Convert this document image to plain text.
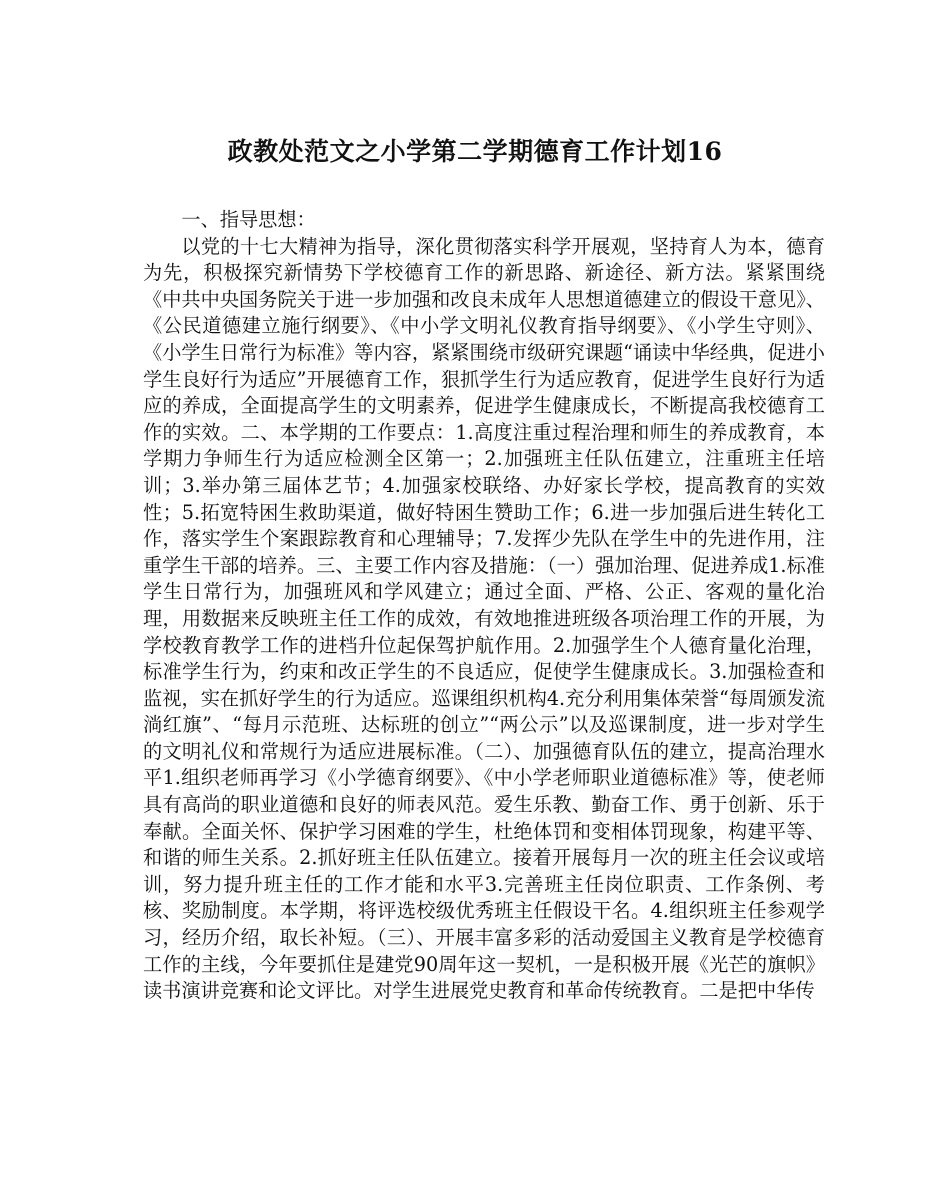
政教处范文之小学第二学期德育工作计划16

一、指导思想：

以党的十七大精神为指导，深化贯彻落实科学开展观，坚持育人为本，德育为先，积极探究新情势下学校德育工作的新思路、新途径、新方法。紧紧围绕《中共中央国务院关于进一步加强和改良未成年人思想道德建立的假设干意见》、《公民道德建立施行纲要》、《中小学文明礼仪教育指导纲要》、《小学生守则》、《小学生日常行为标准》等内容，紧紧围绕市级研究课题“诵读中华经典，促进小学生良好行为适应”开展德育工作，狠抓学生行为适应教育，促进学生良好行为适应的养成，全面提高学生的文明素养，促进学生健康成长，不断提高我校德育工作的实效。二、本学期的工作要点：1.高度注重过程治理和师生的养成教育，本学期力争师生行为适应检测全区第一；2.加强班主任队伍建立，注重班主任培训；3.举办第三届体艺节；4.加强家校联络、办好家长学校，提高教育的实效性；5.拓宽特困生救助渠道，做好特困生赞助工作；6.进一步加强后进生转化工作，落实学生个案跟踪教育和心理辅导；7.发挥少先队在学生中的先进作用，注重学生干部的培养。三、主要工作内容及措施：（一）强加治理、促进养成1.标准学生日常行为，加强班风和学风建立；通过全面、严格、公正、客观的量化治理，用数据来反映班主任工作的成效，有效地推进班级各项治理工作的开展，为学校教育教学工作的进档升位起保驾护航作用。2.加强学生个人德育量化治理，标准学生行为，约束和改正学生的不良适应，促使学生健康成长。3.加强检查和监视，实在抓好学生的行为适应。巡课组织机构4.充分利用集体荣誉“每周颁发流淌红旗”、“每月示范班、达标班的创立”“两公示”以及巡课制度，进一步对学生的文明礼仪和常规行为适应进展标准。（二）、加强德育队伍的建立，提高治理水平1.组织老师再学习《小学德育纲要》、《中小学老师职业道德标准》等，使老师具有高尚的职业道德和良好的师表风范。爱生乐教、勤奋工作、勇于创新、乐于奉献。全面关怀、保护学习困难的学生，杜绝体罚和变相体罚现象，构建平等、和谐的师生关系。2.抓好班主任队伍建立。接着开展每月一次的班主任会议或培训，努力提升班主任的工作才能和水平3.完善班主任岗位职责、工作条例、考核、奖励制度。本学期，将评选校级优秀班主任假设干名。4.组织班主任参观学习，经历介绍，取长补短。（三）、开展丰富多彩的活动爱国主义教育是学校德育工作的主线，今年要抓住是建党90周年这一契机，一是积极开展《光芒的旗帜》读书演讲竞赛和论文评比。对学生进展党史教育和革命传统教育。二是把中华传
